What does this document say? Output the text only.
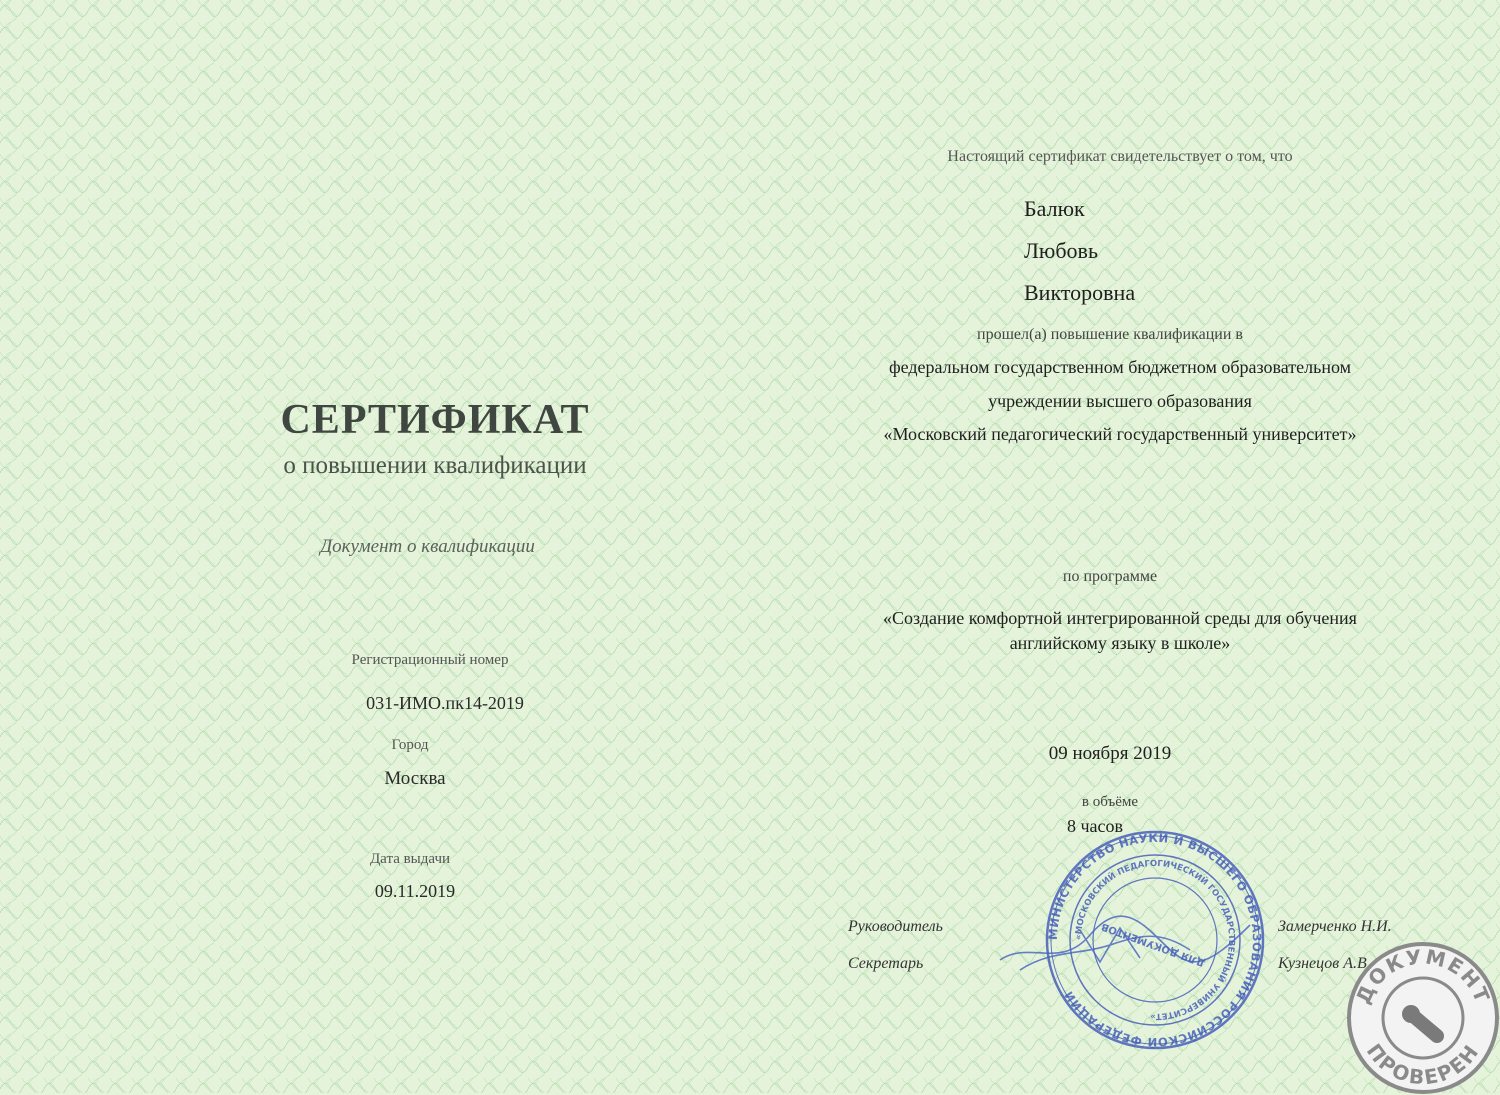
СЕРТИФИКАТ
о повышении квалификации
Документ о квалификации
Регистрационный номер
031-ИМО.пк14-2019
Город
Москва
Дата выдачи
09.11.2019
Настоящий сертификат свидетельствует о том, что
Балюк
Любовь
Викторовна
прошел(а) повышение квалификации в
федеральном государственном бюджетном образовательном
учреждении высшего образования
«Московский педагогический государственный университет»
по программе
«Создание комфортной интегрированной среды для обучения
английскому языку в школе»
09 ноября 2019
в объёме
8 часов
МИНИСТЕРСТВО НАУКИ И ВЫСШЕГО ОБРАЗОВАНИЯ РОССИЙСКОЙ ФЕДЕРАЦИИ
«МОСКОВСКИЙ ПЕДАГОГИЧЕСКИЙ ГОСУДАРСТВЕННЫЙ УНИВЕРСИТЕТ»
ДЛЯ ДОКУМЕНТОВ
Руководитель
Секретарь
Замерченко Н.И.
Кузнецов А.В.
ДОКУМЕНТ
ПРОВЕРЕН
